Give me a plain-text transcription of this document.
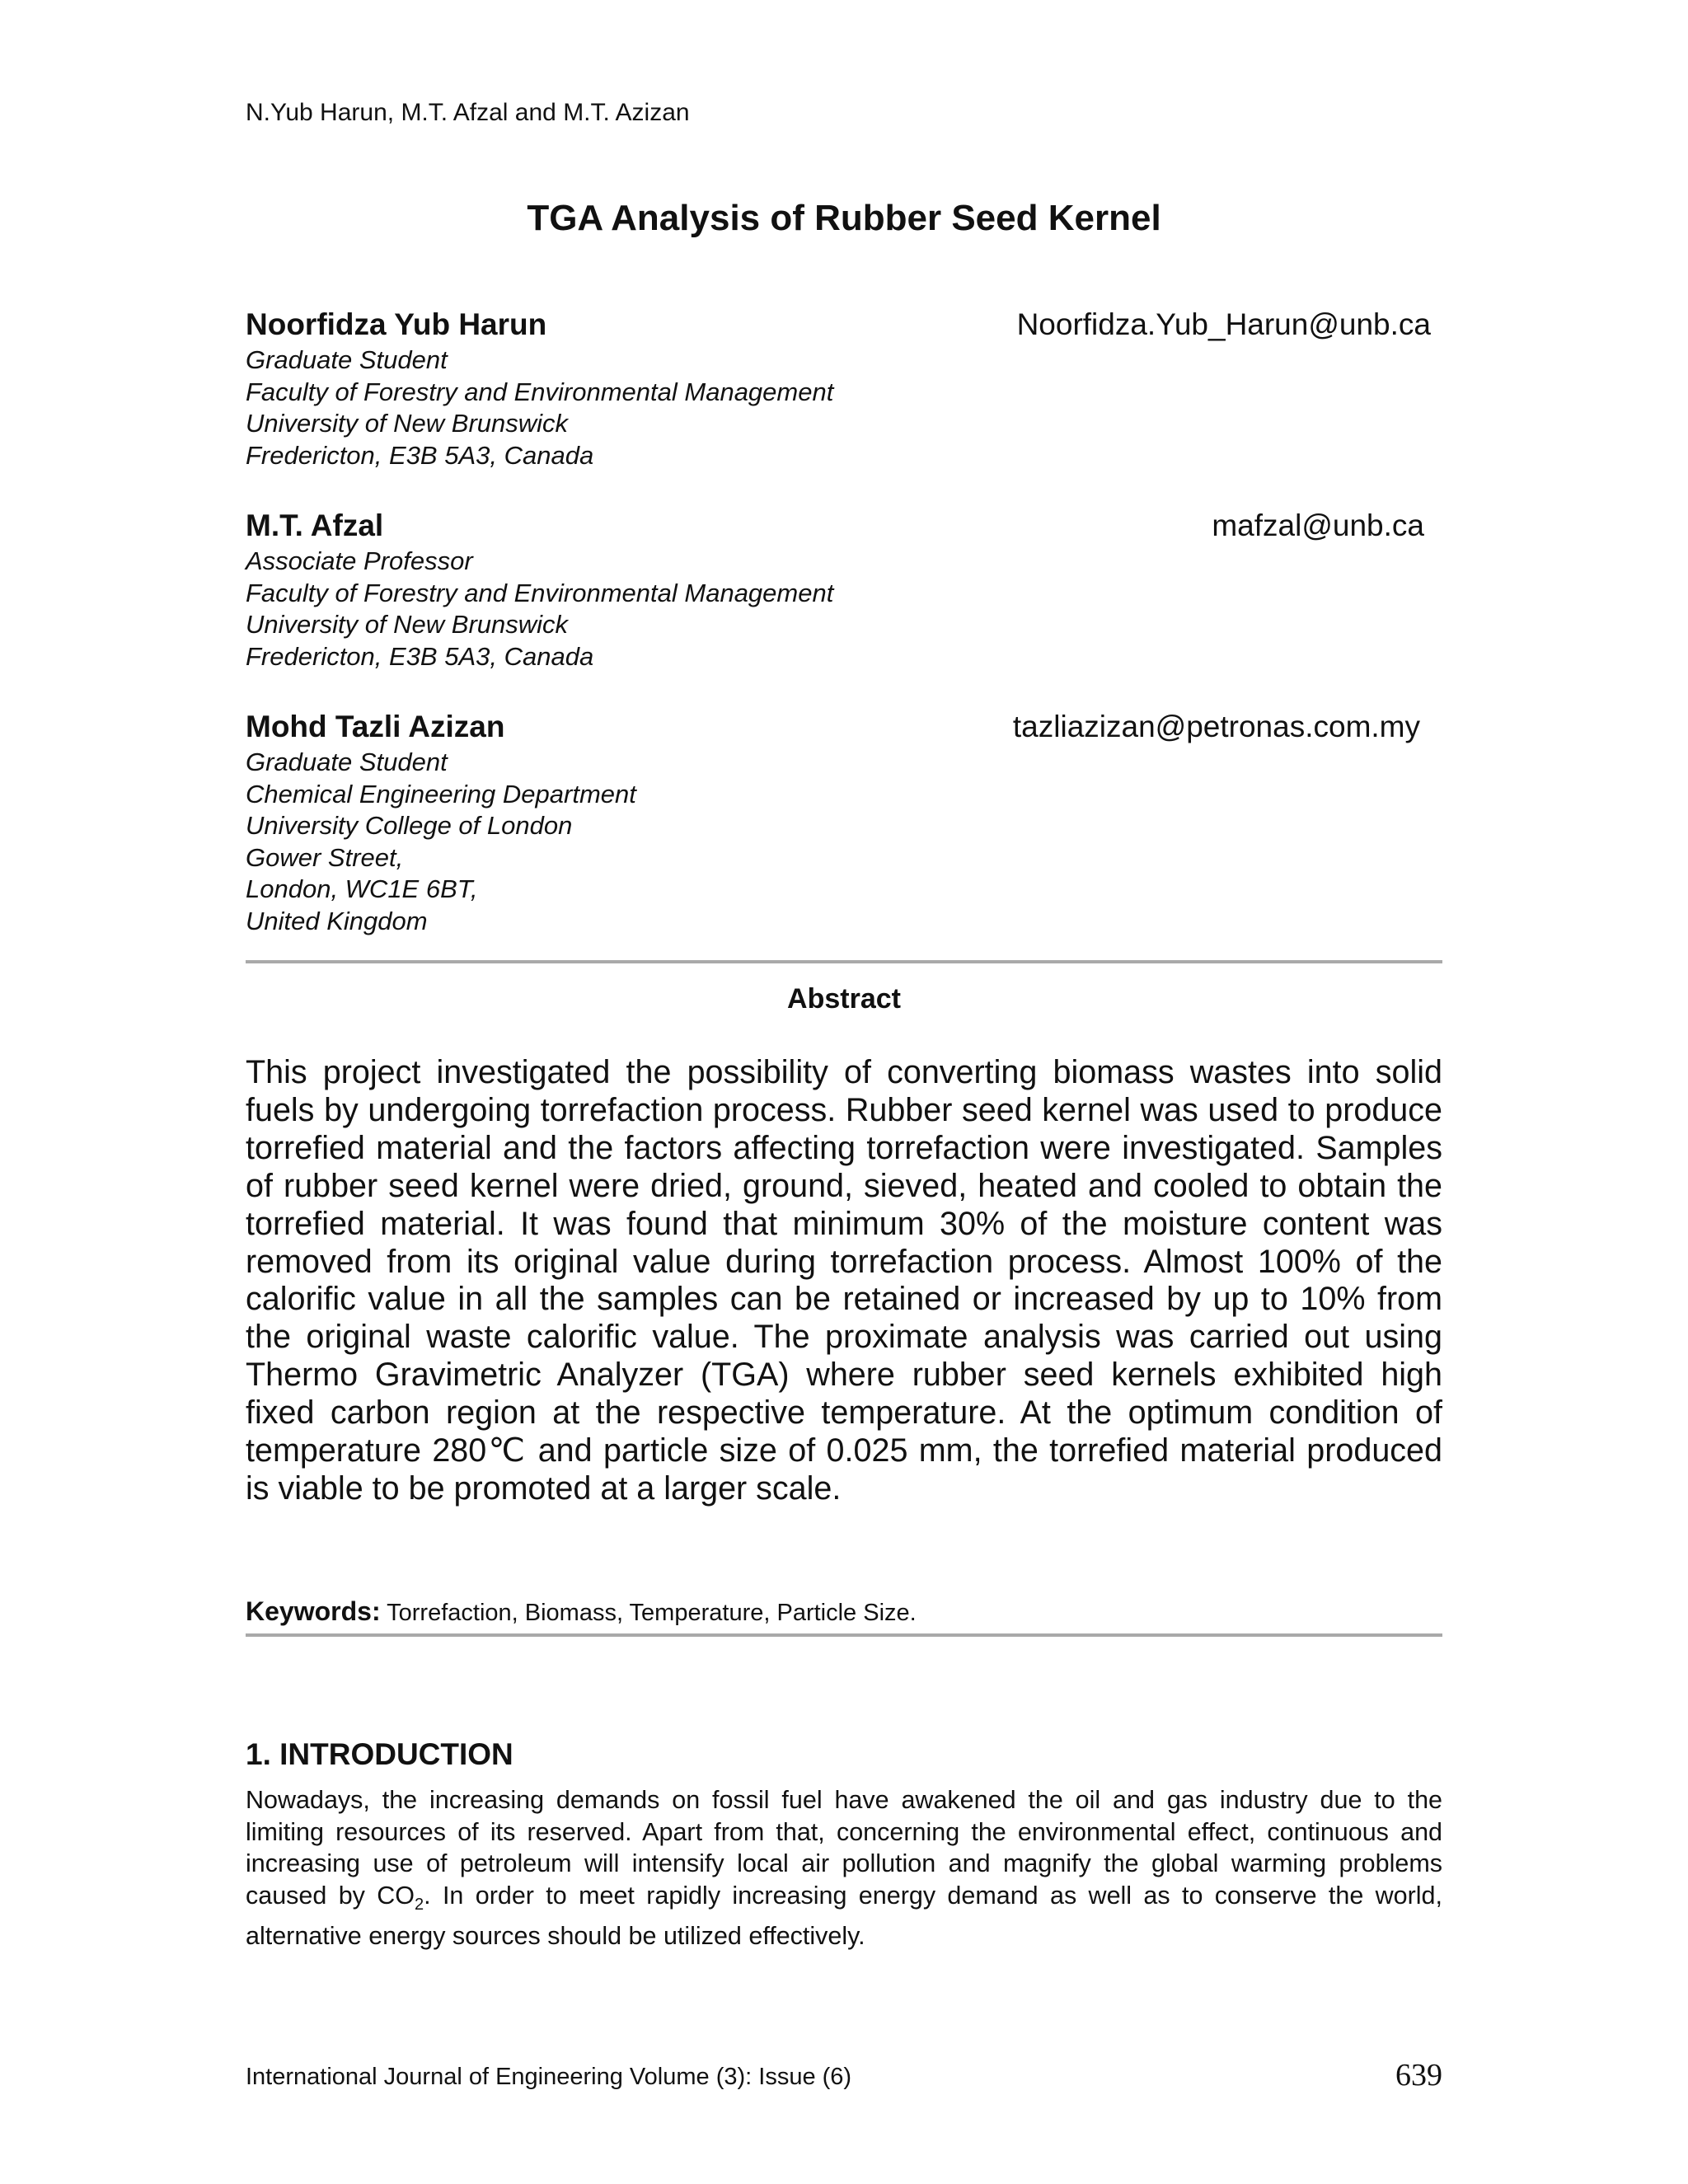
N.Yub Harun, M.T. Afzal and M.T. Azizan
TGA Analysis of Rubber Seed Kernel
Noorfidza Yub Harun	Noorfidza.Yub_Harun@unb.ca
Graduate Student
Faculty of Forestry and Environmental Management
University of New Brunswick
Fredericton, E3B 5A3, Canada
M.T. Afzal	mafzal@unb.ca
Associate Professor
Faculty of Forestry and Environmental Management
University of New Brunswick
Fredericton, E3B 5A3, Canada
Mohd Tazli Azizan	tazliazizan@petronas.com.my
Graduate Student
Chemical Engineering Department
University College of London
Gower Street,
London, WC1E 6BT,
United Kingdom
Abstract
This project investigated the possibility of converting biomass wastes into solid fuels by undergoing torrefaction process. Rubber seed kernel was used to produce torrefied material and the factors affecting torrefaction were investigated. Samples of rubber seed kernel were dried, ground, sieved, heated and cooled to obtain the torrefied material. It was found that minimum 30% of the moisture content was removed from its original value during torrefaction process. Almost 100% of the calorific value in all the samples can be retained or increased by up to 10% from the original waste calorific value. The proximate analysis was carried out using Thermo Gravimetric Analyzer (TGA) where rubber seed kernels exhibited high fixed carbon region at the respective temperature. At the optimum condition of temperature 280℃ and particle size of 0.025 mm, the torrefied material produced is viable to be promoted at a larger scale.
Keywords: Torrefaction, Biomass, Temperature, Particle Size.
1. INTRODUCTION
Nowadays, the increasing demands on fossil fuel have awakened the oil and gas industry due to the limiting resources of its reserved. Apart from that, concerning the environmental effect, continuous and increasing use of petroleum will intensify local air pollution and magnify the global warming problems caused by $CO_2$. In order to meet rapidly increasing energy demand as well as to conserve the world, alternative energy sources should be utilized effectively.
International Journal of Engineering Volume (3): Issue (6)	639
